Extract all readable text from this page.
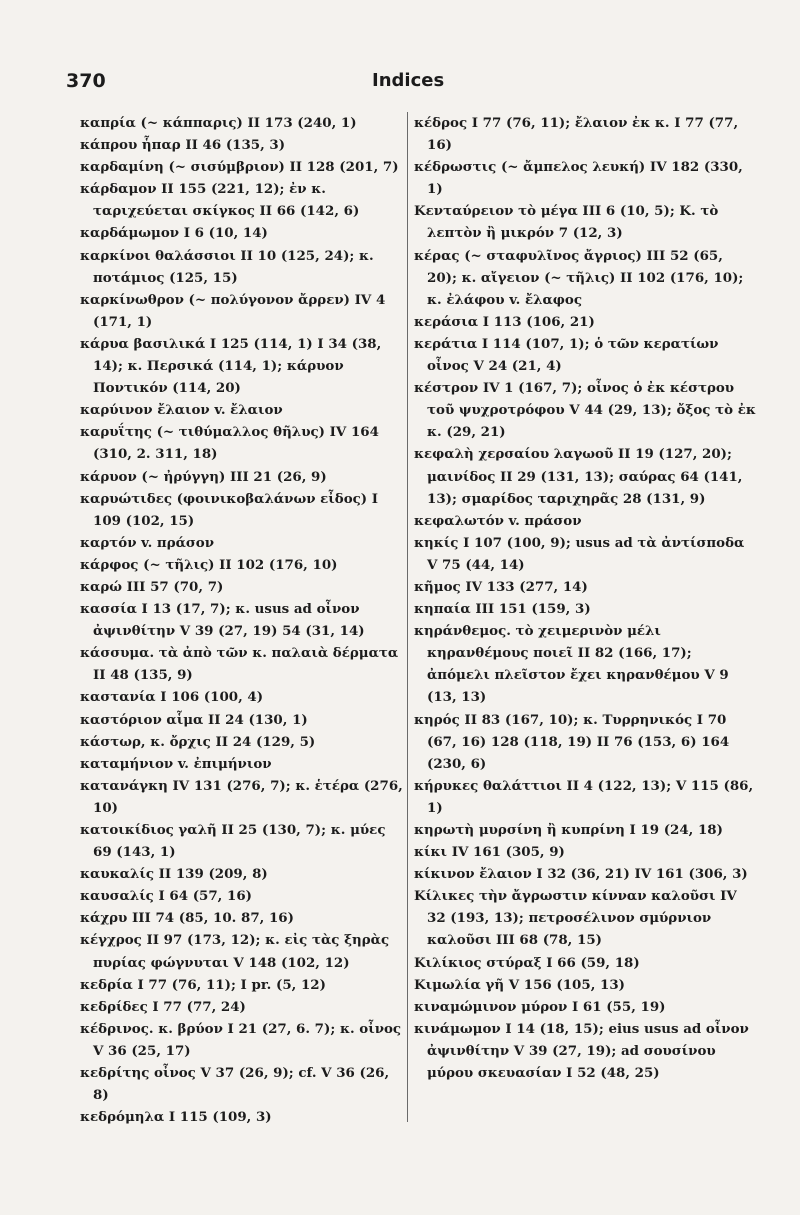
370	Indices

καπρία (~ κάππαρις) II 173 (240, 1)

κάπρου ἧπαρ II 46 (135, 3)

καρδαμίνη (~ σισύμβριον) II 128 (201, 7)

κάρδαμον II 155 (221, 12); ἐν κ. ταριχεύεται σκίγκος II 66 (142, 6)

καρδάμωμον I 6 (10, 14)

καρκίνοι θαλάσσιοι II 10 (125, 24); κ. ποτάμιος (125, 15)

καρκίνωθρον (~ πολύγονον ἄρρεν) IV 4 (171, 1)

κάρυα βασιλικά I 125 (114, 1) I 34 (38, 14); κ. Περσικά (114, 1); κάρυον Ποντικόν (114, 20)

καρύινον ἔλαιον v. ἔλαιον

καρυΐτης (~ τιθύμαλλος θῆλυς) IV 164 (310, 2. 311, 18)

κάρυον (~ ἠρύγγη) III 21 (26, 9)

καρυώτιδες (φοινικοβαλάνων εἶδος) I 109 (102, 15)

καρτόν v. πράσον

κάρφος (~ τῆλις) II 102 (176, 10)

καρώ III 57 (70, 7)

κασσία I 13 (17, 7); κ. usus ad οἶνον ἀψινθίτην V 39 (27, 19) 54 (31, 14)

κάσσυμα. τὰ ἀπὸ τῶν κ. παλαιὰ δέρματα II 48 (135, 9)

καστανία I 106 (100, 4)

καστόριον αἷμα II 24 (130, 1)

κάστωρ, κ. ὄρχις II 24 (129, 5)

καταμήνιον v. ἐπιμήνιον

κατανάγκη IV 131 (276, 7); κ. ἑτέρα (276, 10)

κατοικίδιος γαλῆ II 25 (130, 7); κ. μύες 69 (143, 1)

καυκαλίς II 139 (209, 8)

καυσαλίς I 64 (57, 16)

κάχρυ III 74 (85, 10. 87, 16)

κέγχρος II 97 (173, 12); κ. εἰς τὰς ξηρὰς πυρίας φώγνυται V 148 (102, 12)

κεδρία I 77 (76, 11); I pr. (5, 12)

κεδρίδες I 77 (77, 24)

κέδρινος. κ. βρύον I 21 (27, 6. 7); κ. οἶνος V 36 (25, 17)

κεδρίτης οἶνος V 37 (26, 9); cf. V 36 (26, 8)

κεδρόμηλα I 115 (109, 3)

κέδρος I 77 (76, 11); ἔλαιον ἐκ κ. I 77 (77, 16)

κέδρωστις (~ ἄμπελος λευκή) IV 182 (330, 1)

Κενταύρειον τὸ μέγα III 6 (10, 5); Κ. τὸ λεπτὸν ἢ μικρόν 7 (12, 3)

κέρας (~ σταφυλῖνος ἄγριος) III 52 (65, 20); κ. αἴγειον (~ τῆλις) II 102 (176, 10); κ. ἐλάφου v. ἔλαφος

κεράσια I 113 (106, 21)

κεράτια I 114 (107, 1); ὁ τῶν κερατίων οἶνος V 24 (21, 4)

κέστρον IV 1 (167, 7); οἶνος ὁ ἐκ κέστρου τοῦ ψυχροτρόφου V 44 (29, 13); ὄξος τὸ ἐκ κ. (29, 21)

κεφαλὴ χερσαίου λαγωοῦ II 19 (127, 20); μαινίδος II 29 (131, 13); σαύρας 64 (141, 13); σμαρίδος ταριχηρᾶς 28 (131, 9)

κεφαλωτόν v. πράσον

κηκίς I 107 (100, 9); usus ad τὰ ἀντίσποδα V 75 (44, 14)

κῆμος IV 133 (277, 14)

κηπαία III 151 (159, 3)

κηράνθεμος. τὸ χειμερινὸν μέλι κηρανθέμους ποιεῖ II 82 (166, 17); ἀπόμελι πλεῖστον ἔχει κηρανθέμου V 9 (13, 13)

κηρός II 83 (167, 10); κ. Τυρρηνικός I 70 (67, 16) 128 (118, 19) II 76 (153, 6) 164 (230, 6)

κήρυκες θαλάττιοι II 4 (122, 13); V 115 (86, 1)

κηρωτὴ μυρσίνη ἢ κυπρίνη I 19 (24, 18)

κίκι IV 161 (305, 9)

κίκινον ἔλαιον I 32 (36, 21) IV 161 (306, 3)

Κίλικες τὴν ἄγρωστιν κίνναν καλοῦσι IV 32 (193, 13); πετροσέλινον σμύρνιον καλοῦσι III 68 (78, 15)

Κιλίκιος στύραξ I 66 (59, 18)

Κιμωλία γῆ V 156 (105, 13)

κιναμώμινον μύρον I 61 (55, 19)

κινάμωμον I 14 (18, 15); eius usus ad οἶνον ἀψινθίτην V 39 (27, 19); ad σουσίνου μύρου σκευασίαν I 52 (48, 25)
